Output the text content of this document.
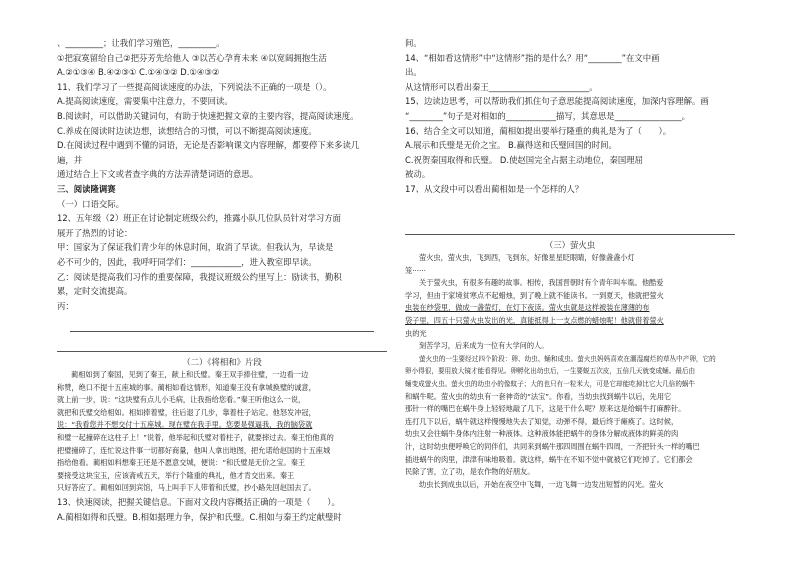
、_________；让我们学习殖笆，_________。
①把寂寞留给自己②把芬芳先给他人 ③以苦心孕育未来 ④以宽阔拥抱生活
A.②①③④ B.④②③① C.①④③② D.①④③②
11、我们学习了一些提高阅读速度的办法，下列说法不正确的一项是（）。
A.提高阅读速度，需要集中注意力，不要回读。
B.阅读时，可以借助关键词句，有助于快速把握文章的主要内容，提高阅读速度。
C.养成在阅读时边读边想，读想结合的习惯，可以不断提高阅读速度。
D.在阅读过程中遇到不懂的词语，无论是否影响课文内容理解，都要停下来多读几
遍，并
通过结合上下文或者查字典的方法弄清楚词语的意思。
三、阅读隆调赛
（一）口语交际。
12、五年级（2）班正在讨论制定班级公约，推露小队几位队员针对学习方面
展开了热烈的讨论：
甲：国家为了保证我们青少年的休息时间，取消了早读。但我认为，早读是
必不可少的，因此，我呼吁同学们：____________，进入教室即早读。
乙：阅读是提高我们习作的重要保障，我提议班级公约里写上：励读书，勤积
累，定时交流提高。
丙：
（二）《将相和》片段
蔺相如到了秦国，见到了秦王，献上和氏璧。秦王双手捧住璧，一边看一边
称赞，绝口不提十五座城的事。蔺相如看这情形，知道秦王没有拿城换璧的诚意，
就上前一步，说：“这块璧有点儿小毛病，让我指给您看。”秦王听他这么一说，
就把和氏璧交给相如。相如捧着璧，往后退了几步，靠着柱子站定。他怒发冲冠，
说：“我看您并不想交付十五座城。现在璧在我手里。您要是强逼我，我的脑袋就
和璧一起撞碎在这柱子上！”说着，他举起和氏璧对着柱子，就要摔过去。秦王怕他真的
把璧撞碎了，连忙说这件事一切都好商量，他叫人拿出地图，把允诺给赵国的十五座城
指给他看。蔺相如料想秦王还是不愿意交城，便说：“和氏璧是无价之宝。秦王
要接受这块宝玉，应该斋戒五天，举行个隆重的典礼，他才肯交出来。秦王
只好答应了。蔺相如回到宾馆，马上叫手下人带着和氏璧，抄小路先回赵国去了。
13、快速阅读，把握关键信息。下面对文段内容概括正确的一项是（　　）。
A.蔺相如得和氏璧。B.相如据理力争，保护和氏璧。C.相如与秦王约定献璧时
间。
14、“相如看这情形”中“这情形”指的是什么？用“________”在文中画
出。
从这情形可以看出秦王________________________。
15、边读边思考，可以帮助我们抓住句子意思能提高阅读速度，加深内容理解。画
“________”句子是对相如的____________描写，其意思是________________。
16、结合全文可以知道，蔺相如提出要举行隆重的典礼是为了（　　）。
A.展示和氏璧是无价之宝。 B.赢得送和氏璧回国的时间。
C.祝贺秦国取得和氏璧。 D.使赵国完全占据主动地位，秦国理屈
被动。
17、从文段中可以看出蔺相如是一个怎样的人？
（三）萤火虫
萤火虫，萤火虫，飞到西，飞到东，好像星星眨眼睛，好像盏盏小灯
笼······
关于萤火虫，有很多有趣的故事。相传，我国晋朝时有个青年叫车胤。他酷爱
学习，但由于家境贫寒点不起蜡烛，到了晚上就不能读书。一到夏天，他就把萤火
虫装在纱袋里，做成一盏萤灯，在灯下夜读。萤火虫就是这样被装在薄薄的布
袋子里，四五十只萤火虫发出的光，真能抵得上一支点燃的蜡烛呢！他就借着萤火
虫的光
刻苦学习，后来成为一位有大学问的人。
萤火虫的一生要经过四个阶段：卵、幼虫、蛹和成虫。萤火虫妈妈喜欢在潮湿腐烂的草丛中产卵，它的
卵小得很，要用放大镜才能看得见。卵孵化出幼虫后，一生要蜕五次皮，五倍几天就变成蛹。最后由
蛹变成萤火虫。萤火虫的幼虫小的像蚊子；大的也只有一粒米大，可是它却能吃掉比它大几倍的蜗牛
和蜗牛呢。萤火虫的幼虫有一套神奇的“法宝”。你看，当幼虫找到蜗牛以后，先用它
那针一样的嘴巴在蜗牛身上轻轻地敲了几下，这是干什么呢？原来这是给蜗牛打麻醉针。
连打几下以后，蜗牛就这样慢慢地失去了知觉，动弹不得，最后终于瘫痪了。这时候，
幼虫又会往蜗牛身体内注射一种液体。这种液体能把蜗牛的身体分解成液体的鲜美的肉
汁，这时幼虫便呼唤它的同伴们，共同来到蜗牛那四周围在蜗牛四周，一齐把针头一样的嘴巴
插进蜗牛的肉里，津津有味地吸着。就这样，蜗牛在不知不觉中就被它们吃掉了。它们都会
民除了害，立了功，是农作物的好朋友。
幼虫长到成虫以后，开始在夜空中飞舞，一边飞舞一边发出短暂的闪光。萤火
